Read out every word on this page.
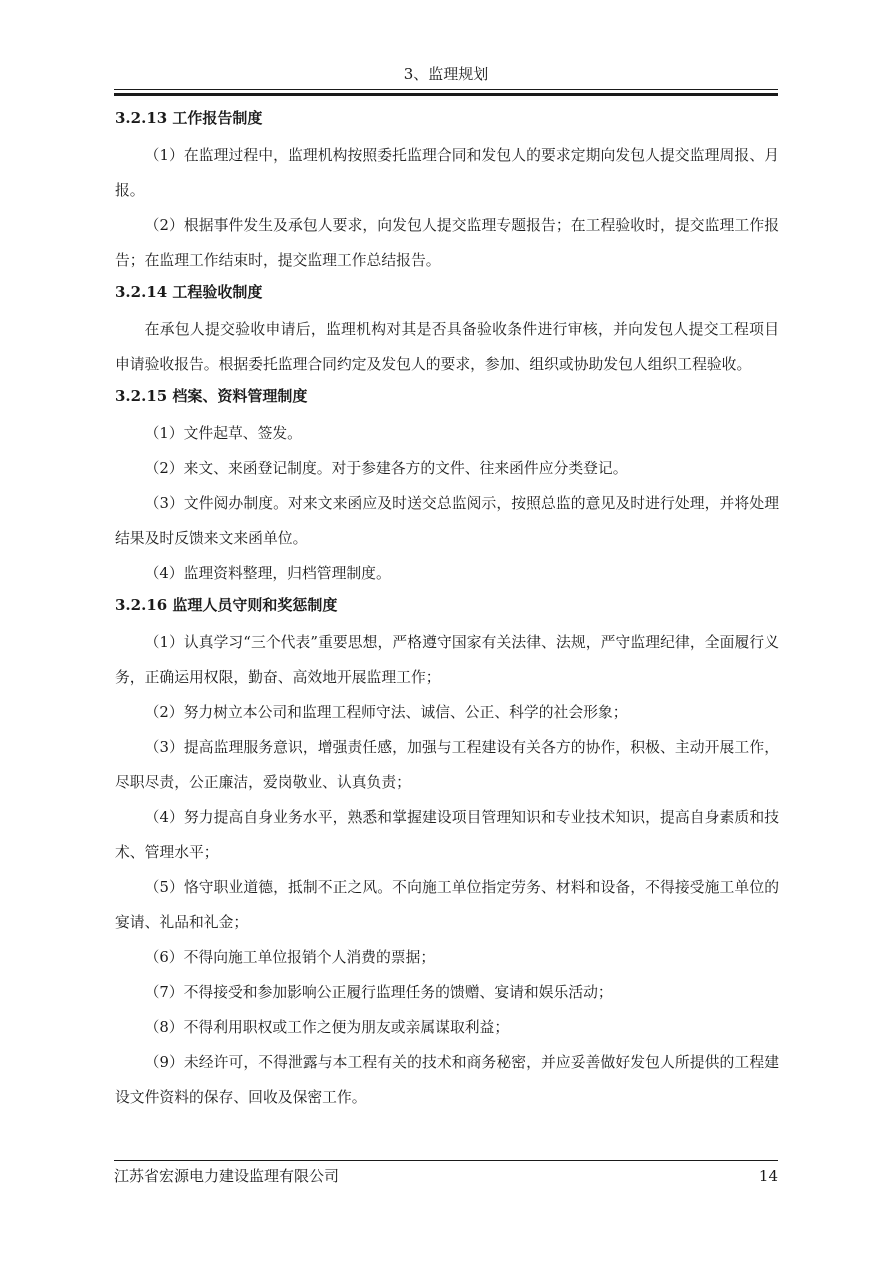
3、监理规划
3.2.13 工作报告制度

（1）在监理过程中，监理机构按照委托监理合同和发包人的要求定期向发包人提交监理周报、月报。

（2）根据事件发生及承包人要求，向发包人提交监理专题报告；在工程验收时，提交监理工作报告；在监理工作结束时，提交监理工作总结报告。

3.2.14 工程验收制度

在承包人提交验收申请后，监理机构对其是否具备验收条件进行审核，并向发包人提交工程项目申请验收报告。根据委托监理合同约定及发包人的要求，参加、组织或协助发包人组织工程验收。

3.2.15 档案、资料管理制度

（1）文件起草、签发。

（2）来文、来函登记制度。对于参建各方的文件、往来函件应分类登记。

（3）文件阅办制度。对来文来函应及时送交总监阅示，按照总监的意见及时进行处理，并将处理结果及时反馈来文来函单位。

（4）监理资料整理，归档管理制度。

3.2.16 监理人员守则和奖惩制度

（1）认真学习“三个代表”重要思想，严格遵守国家有关法律、法规，严守监理纪律，全面履行义务，正确运用权限，勤奋、高效地开展监理工作；

（2）努力树立本公司和监理工程师守法、诚信、公正、科学的社会形象；

（3）提高监理服务意识，增强责任感，加强与工程建设有关各方的协作，积极、主动开展工作，尽职尽责，公正廉洁，爱岗敬业、认真负责；

（4）努力提高自身业务水平，熟悉和掌握建设项目管理知识和专业技术知识，提高自身素质和技术、管理水平；

（5）恪守职业道德，抵制不正之风。不向施工单位指定劳务、材料和设备，不得接受施工单位的宴请、礼品和礼金；

（6）不得向施工单位报销个人消费的票据；

（7）不得接受和参加影响公正履行监理任务的馈赠、宴请和娱乐活动；

（8）不得利用职权或工作之便为朋友或亲属谋取利益；

（9）未经许可，不得泄露与本工程有关的技术和商务秘密，并应妥善做好发包人所提供的工程建设文件资料的保存、回收及保密工作。

江苏省宏源电力建设监理有限公司	14
